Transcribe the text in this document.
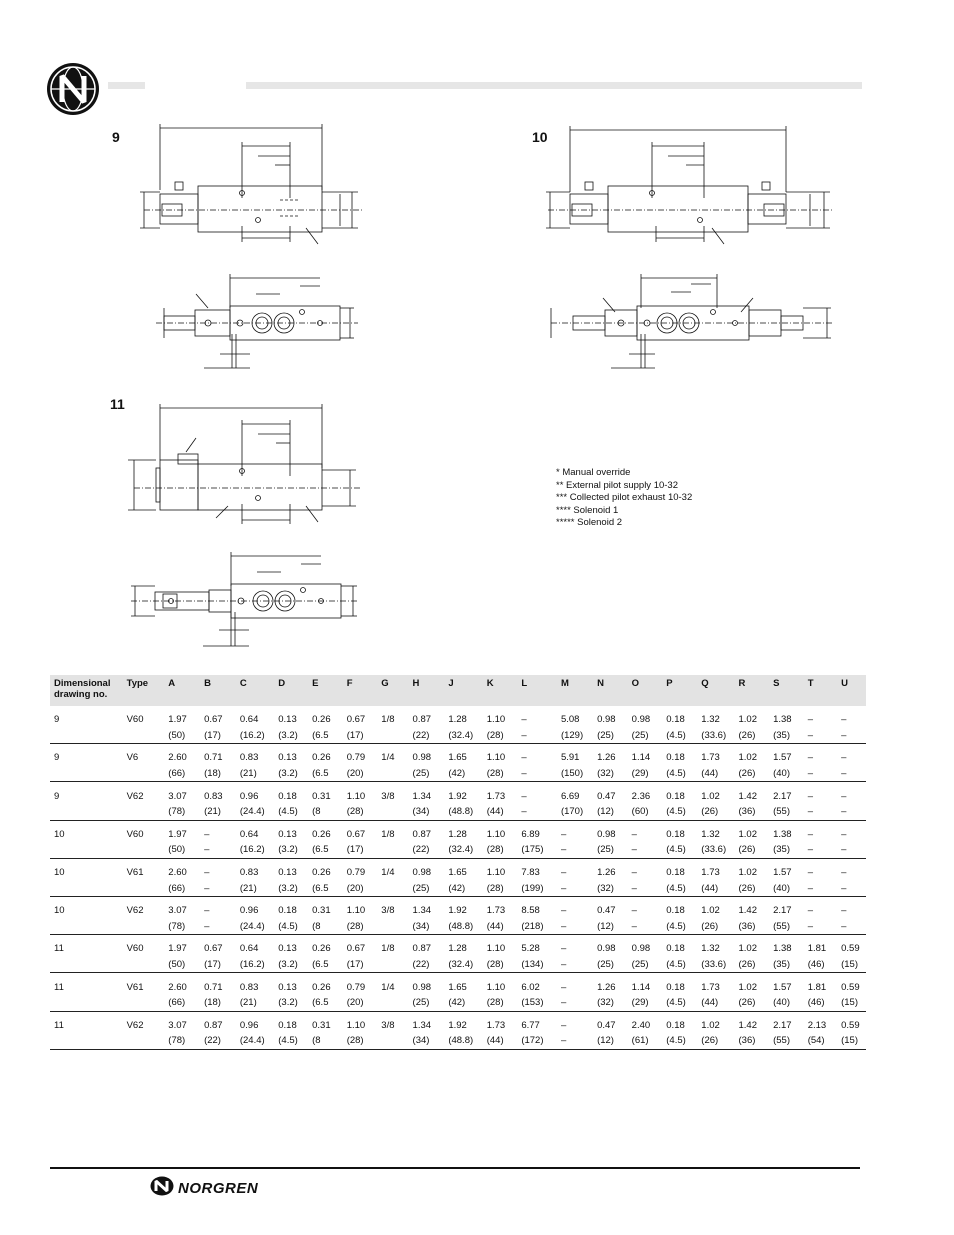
9	10
11
* Manual override
** External pilot supply 10-32
*** Collected pilot exhaust 10-32
**** Solenoid 1
***** Solenoid 2
Dimensional drawing no.	Type	A	B	C	D	E	F	G	H	J	K	L	M	N	O	P	Q	R	S	T	U
9	V60	1.97	0.67	0.64	0.13	0.26	0.67	1/8	0.87	1.28	1.10	–	5.08	0.98	0.98	0.18	1.32	1.02	1.38	–	–
		(50)	(17)	(16.2)	(3.2)	(6.5	(17)		(22)	(32.4)	(28)	–	(129)	(25)	(25)	(4.5)	(33.6)	(26)	(35)	–	–
9	V6	2.60	0.71	0.83	0.13	0.26	0.79	1/4	0.98	1.65	1.10	–	5.91	1.26	1.14	0.18	1.73	1.02	1.57	–	–
		(66)	(18)	(21)	(3.2)	(6.5	(20)		(25)	(42)	(28)	–	(150)	(32)	(29)	(4.5)	(44)	(26)	(40)	–	–
9	V62	3.07	0.83	0.96	0.18	0.31	1.10	3/8	1.34	1.92	1.73	–	6.69	0.47	2.36	0.18	1.02	1.42	2.17	–	–
		(78)	(21)	(24.4)	(4.5)	(8	(28)		(34)	(48.8)	(44)	–	(170)	(12)	(60)	(4.5)	(26)	(36)	(55)	–	–
10	V60	1.97	–	0.64	0.13	0.26	0.67	1/8	0.87	1.28	1.10	6.89	–	0.98	–	0.18	1.32	1.02	1.38	–	–
		(50)	–	(16.2)	(3.2)	(6.5	(17)		(22)	(32.4)	(28)	(175)	–	(25)	–	(4.5)	(33.6)	(26)	(35)	–	–
10	V61	2.60	–	0.83	0.13	0.26	0.79	1/4	0.98	1.65	1.10	7.83	–	1.26	–	0.18	1.73	1.02	1.57	–	–
		(66)	–	(21)	(3.2)	(6.5	(20)		(25)	(42)	(28)	(199)	–	(32)	–	(4.5)	(44)	(26)	(40)	–	–
10	V62	3.07	–	0.96	0.18	0.31	1.10	3/8	1.34	1.92	1.73	8.58	–	0.47	–	0.18	1.02	1.42	2.17	–	–
		(78)	–	(24.4)	(4.5)	(8	(28)		(34)	(48.8)	(44)	(218)	–	(12)	–	(4.5)	(26)	(36)	(55)	–	–
11	V60	1.97	0.67	0.64	0.13	0.26	0.67	1/8	0.87	1.28	1.10	5.28	–	0.98	0.98	0.18	1.32	1.02	1.38	1.81	0.59
		(50)	(17)	(16.2)	(3.2)	(6.5	(17)		(22)	(32.4)	(28)	(134)	–	(25)	(25)	(4.5)	(33.6)	(26)	(35)	(46)	(15)
11	V61	2.60	0.71	0.83	0.13	0.26	0.79	1/4	0.98	1.65	1.10	6.02	–	1.26	1.14	0.18	1.73	1.02	1.57	1.81	0.59
		(66)	(18)	(21)	(3.2)	(6.5	(20)		(25)	(42)	(28)	(153)	–	(32)	(29)	(4.5)	(44)	(26)	(40)	(46)	(15)
11	V62	3.07	0.87	0.96	0.18	0.31	1.10	3/8	1.34	1.92	1.73	6.77	–	0.47	2.40	0.18	1.02	1.42	2.17	2.13	0.59
		(78)	(22)	(24.4)	(4.5)	(8	(28)		(34)	(48.8)	(44)	(172)	–	(12)	(61)	(4.5)	(26)	(36)	(55)	(54)	(15)
NORGREN
